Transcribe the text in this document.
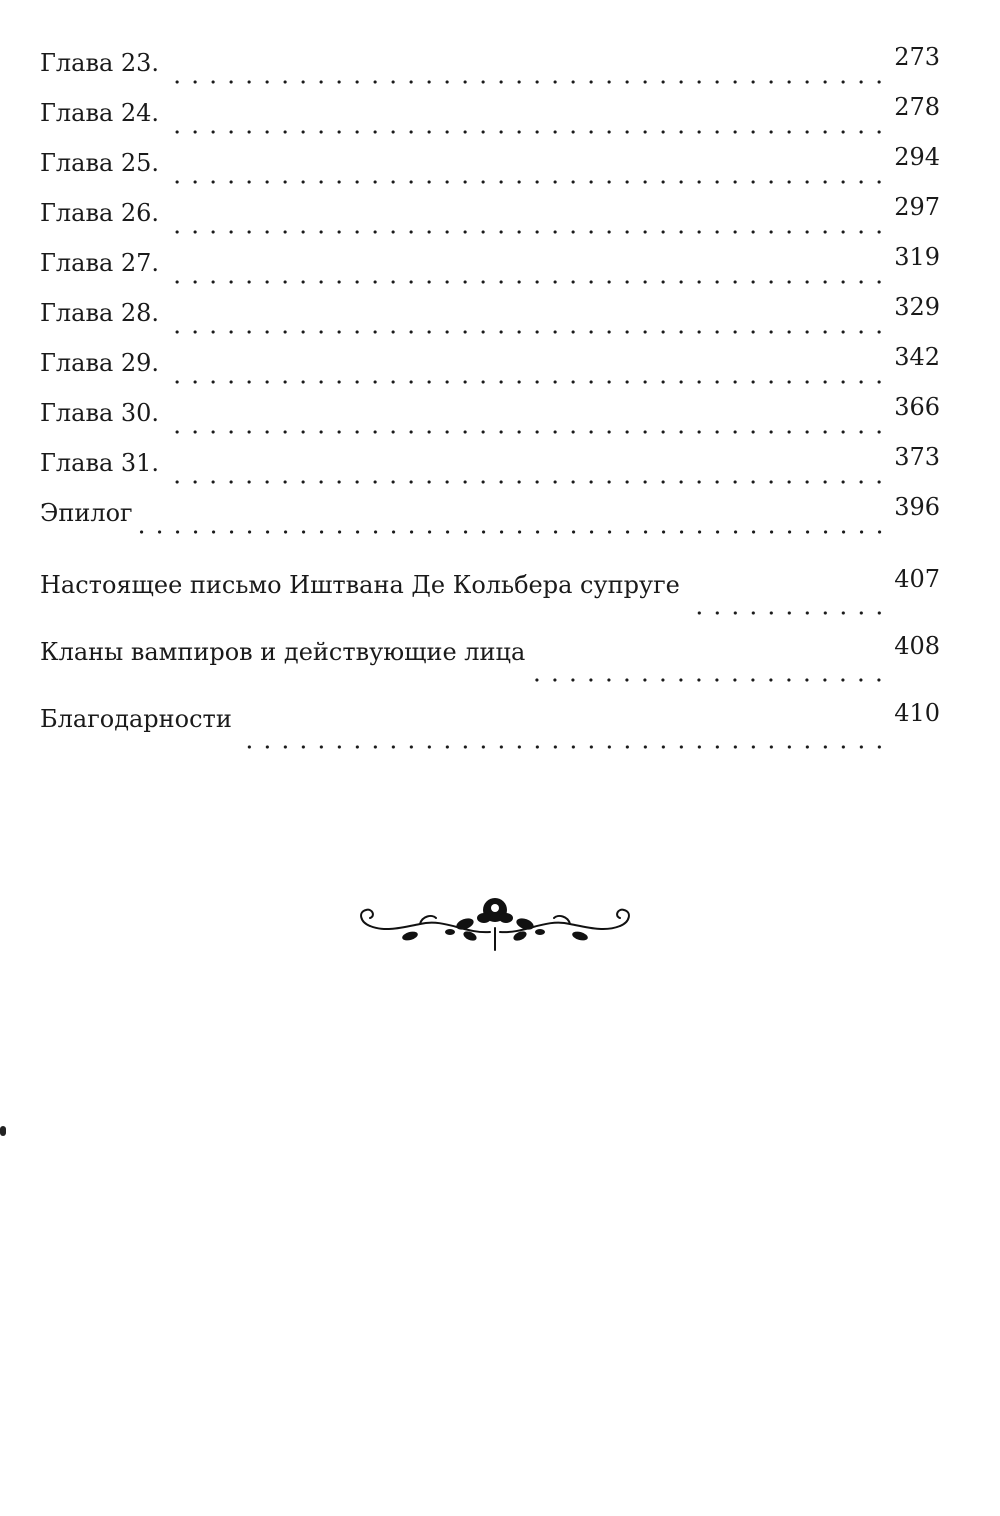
Глава 23.	273
Глава 24.	278
Глава 25.	294
Глава 26.	297
Глава 27.	319
Глава 28.	329
Глава 29.	342
Глава 30.	366
Глава 31.	373
Эпилог	396
Настоящее письмо Иштвана Де Кольбера супруге	407
Кланы вампиров и действующие лица	408
Благодарности	410
